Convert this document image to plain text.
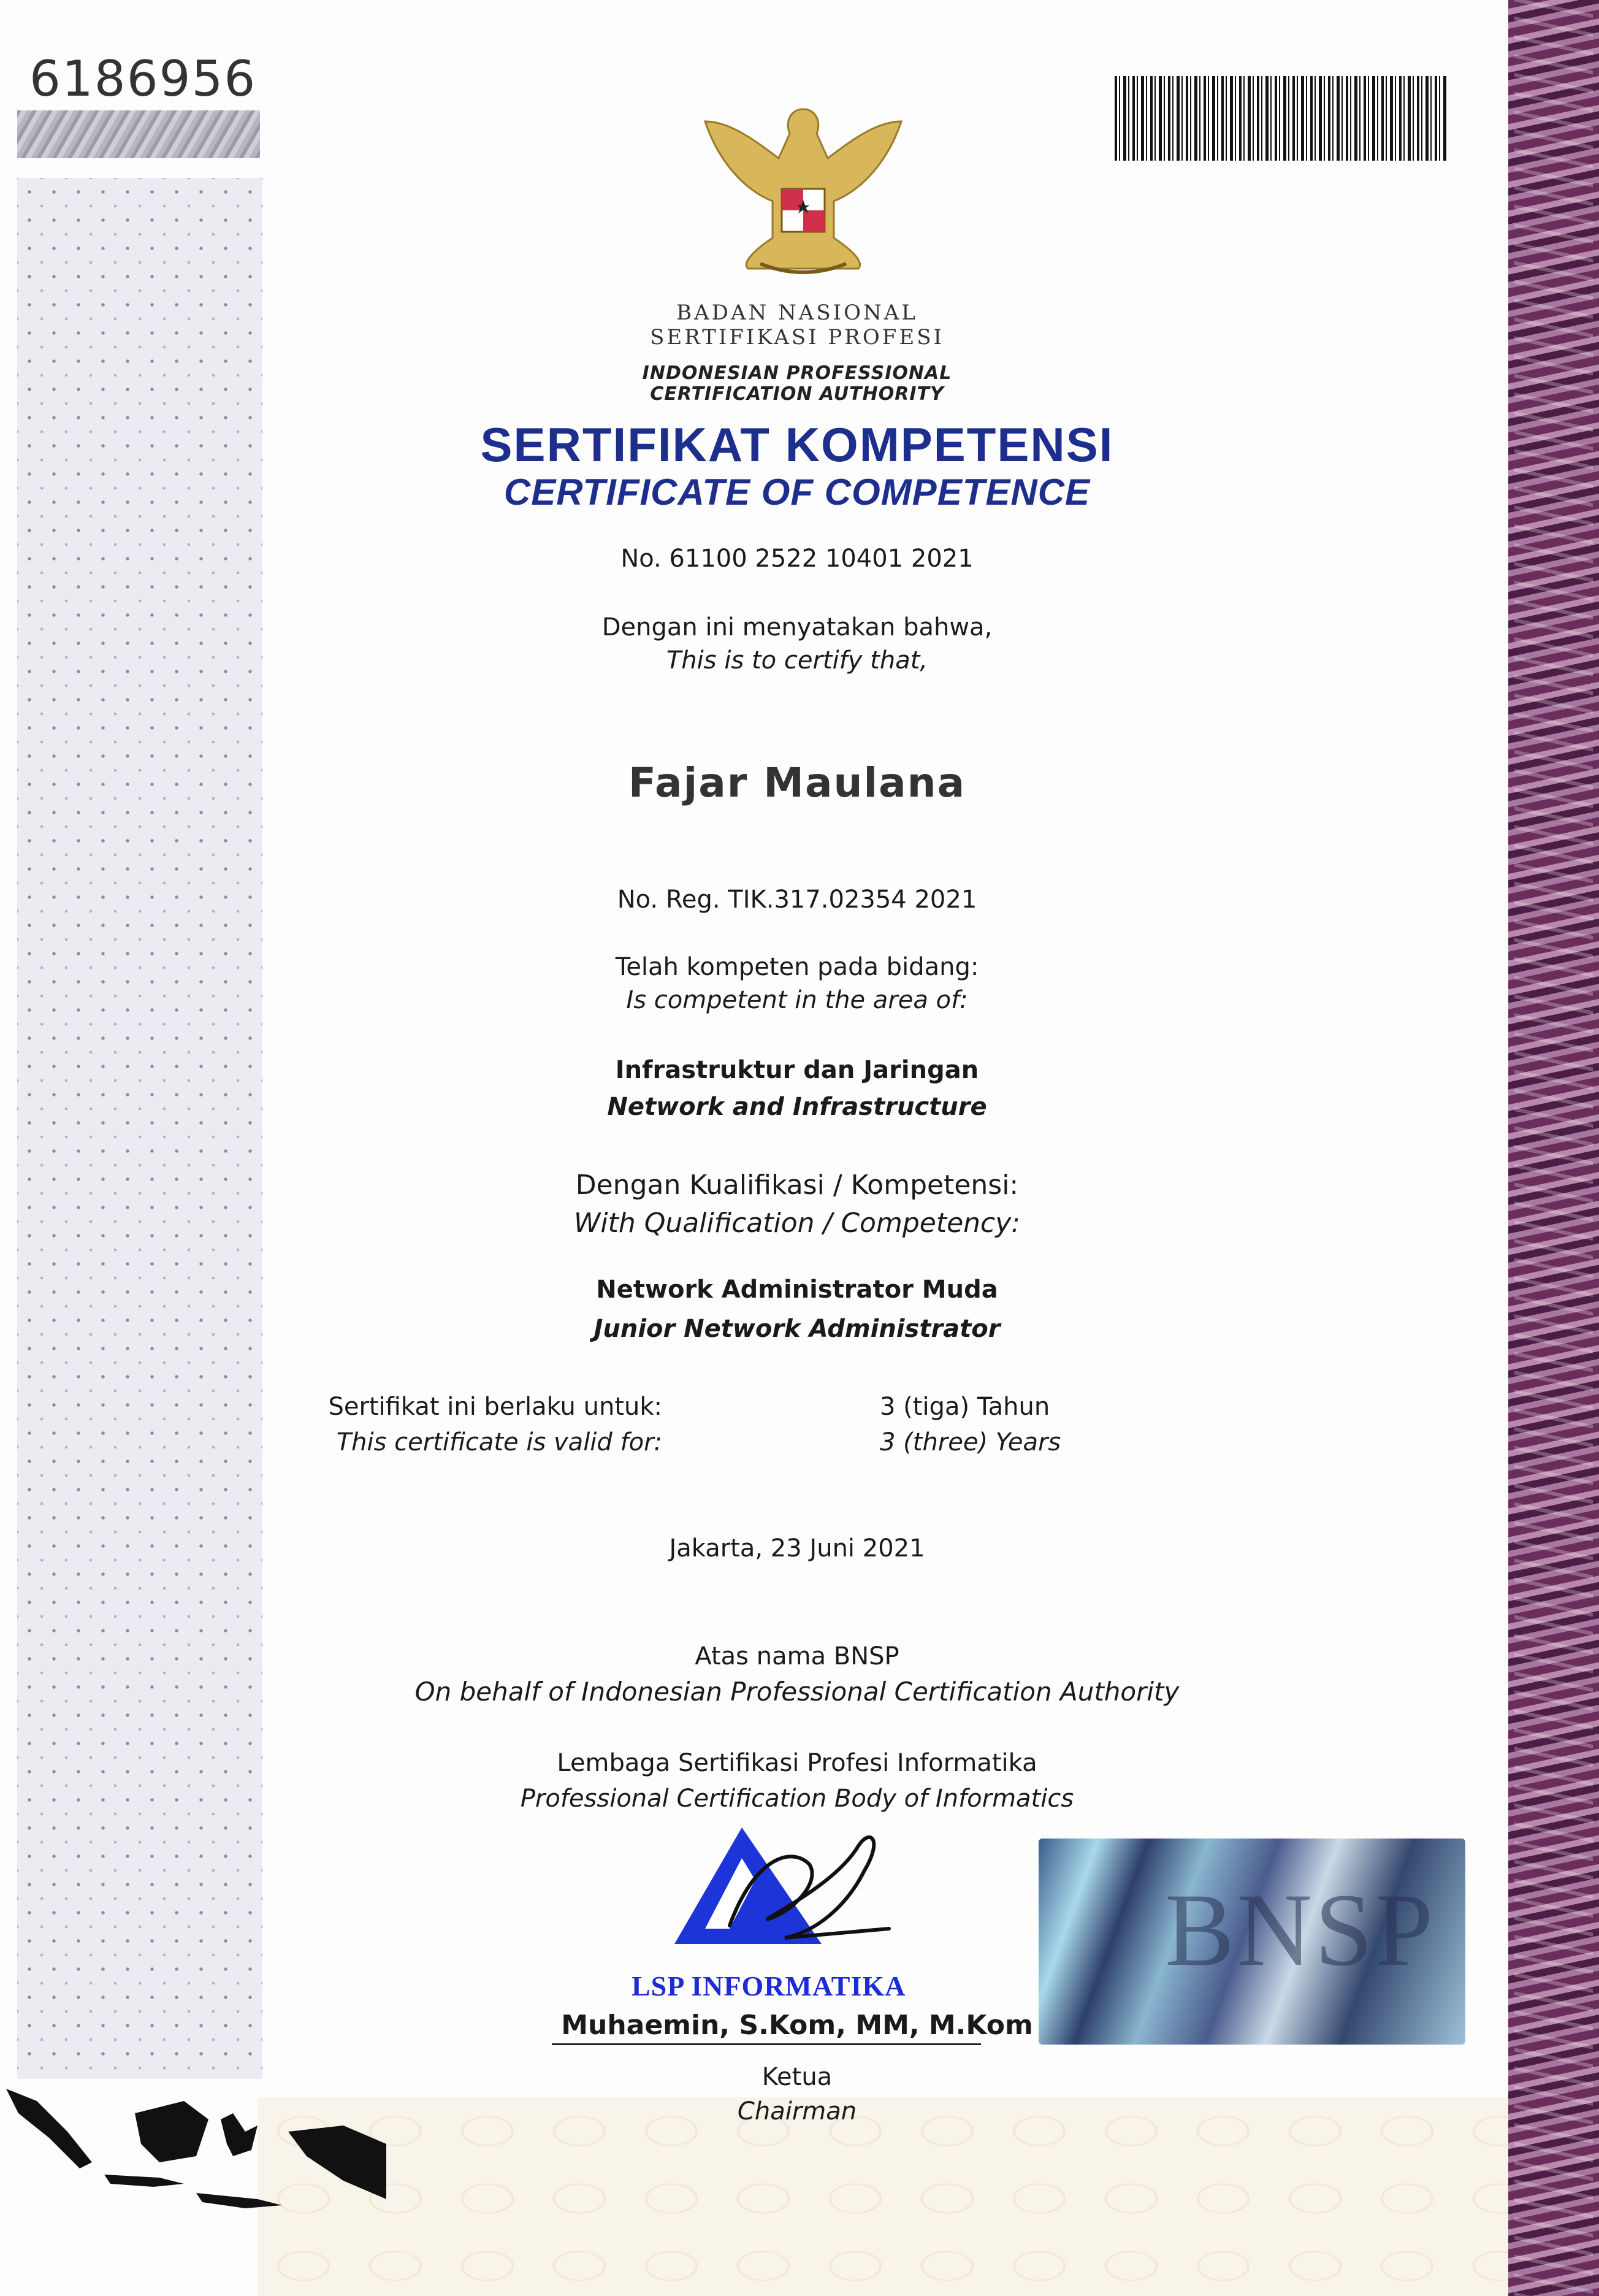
6186956
BADAN NASIONAL
SERTIFIKASI PROFESI
INDONESIAN PROFESSIONAL
CERTIFICATION AUTHORITY
SERTIFIKAT KOMPETENSI
CERTIFICATE OF COMPETENCE
No. 61100 2522 10401 2021
Dengan ini menyatakan bahwa,
This is to certify that,
Fajar Maulana
No. Reg. TIK.317.02354 2021
Telah kompeten pada bidang:
Is competent in the area of:
Infrastruktur dan Jaringan
Network and Infrastructure
Dengan Kualifikasi / Kompetensi:
With Qualification / Competency:
Network Administrator Muda
Junior Network Administrator
Sertifikat ini berlaku untuk:	3 (tiga) Tahun
This certificate is valid for:	3 (three) Years
Jakarta, 23 Juni 2021
Atas nama BNSP
On behalf of Indonesian Professional Certification Authority
Lembaga Sertifikasi Profesi Informatika
Professional Certification Body of Informatics
LSP INFORMATIKA
Muhaemin, S.Kom, MM, M.Kom
Ketua
Chairman
BNSP
